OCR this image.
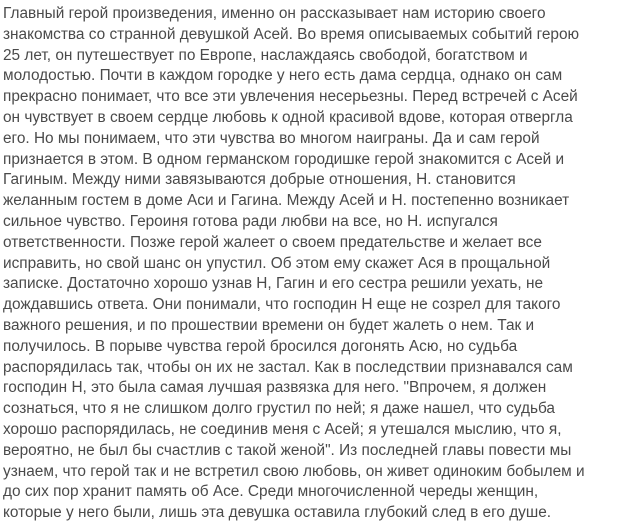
Главный герой произведения, именно он рассказывает нам историю своего
знакомства со странной девушкой Асей. Во время описываемых событий герою
25 лет, он путешествует по Европе, наслаждаясь свободой, богатством и
молодостью. Почти в каждом городке у него есть дама сердца, однако он сам
прекрасно понимает, что все эти увлечения несерьезны. Перед встречей с Асей
он чувствует в своем сердце любовь к одной красивой вдове, которая отвергла
его. Но мы понимаем, что эти чувства во многом наиграны. Да и сам герой
признается в этом. В одном германском городишке герой знакомится с Асей и
Гагиным. Между ними завязываются добрые отношения, Н. становится
желанным гостем в доме Аси и Гагина. Между Асей и Н. постепенно возникает
сильное чувство. Героиня готова ради любви на все, но Н. испугался
ответственности. Позже герой жалеет о своем предательстве и желает все
исправить, но свой шанс он упустил. Об этом ему скажет Ася в прощальной
записке. Достаточно хорошо узнав Н, Гагин и его сестра решили уехать, не
дождавшись ответа. Они понимали, что господин Н еще не созрел для такого
важного решения, и по прошествии времени он будет жалеть о нем. Так и
получилось. В порыве чувства герой бросился догонять Асю, но судьба
распорядилась так, чтобы он их не застал. Как в последствии признавался сам
господин Н, это была самая лучшая развязка для него. "Впрочем, я должен
сознаться, что я не слишком долго грустил по ней; я даже нашел, что судьба
хорошо распорядилась, не соединив меня с Асей; я утешался мыслию, что я,
вероятно, не был бы счастлив с такой женой". Из последней главы повести мы
узнаем, что герой так и не встретил свою любовь, он живет одиноким бобылем и
до сих пор хранит память об Асе. Среди многочисленной череды женщин,
которые у него были, лишь эта девушка оставила глубокий след в его душе.
